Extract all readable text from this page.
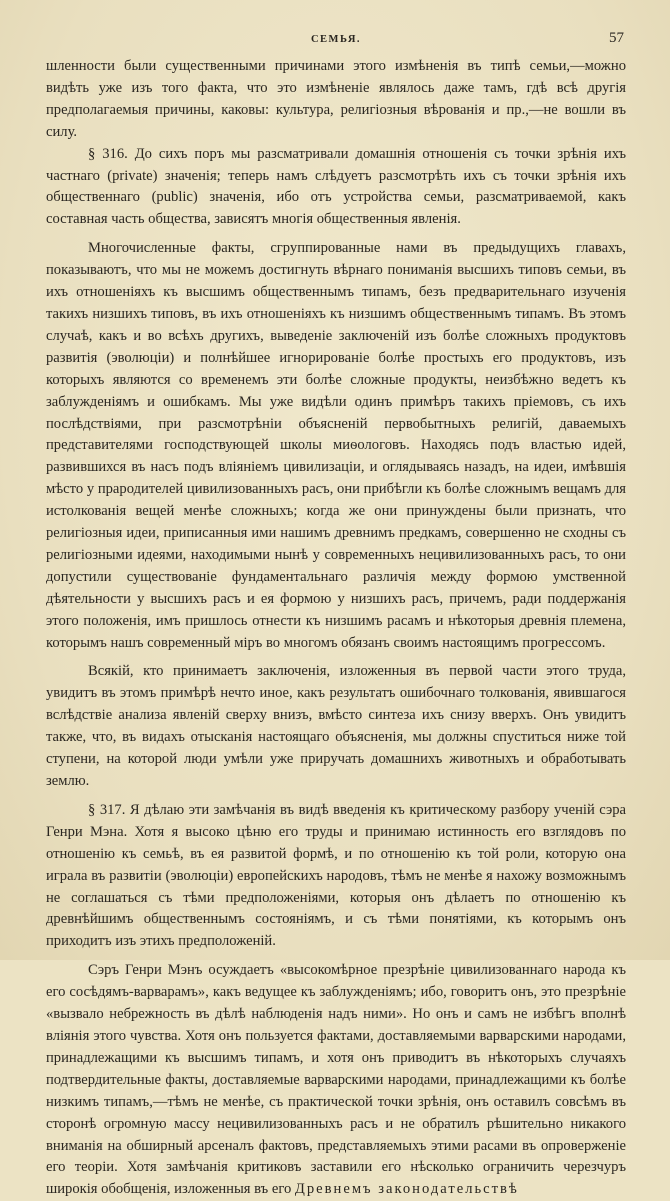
СЕМЬЯ.	57

шленности были существенными причинами этого измѣненія въ типѣ семьи,—можно видѣть уже изъ того факта, что это измѣненіе являлось даже тамъ, гдѣ всѣ другія предполагаемыя причины, каковы: культура, религіозныя вѣрованія и пр.,—не вошли въ силу.

§ 316. До сихъ поръ мы разсматривали домашнія отношенія съ точки зрѣнія ихъ частнаго (private) значенія; теперь намъ слѣдуетъ разсмотрѣть ихъ съ точки зрѣнія ихъ общественнаго (public) значенія, ибо отъ устройства семьи, разсматриваемой, какъ составная часть общества, зависятъ многія общественныя явленія.

Многочисленные факты, сгруппированные нами въ предыдущихъ главахъ, показываютъ, что мы не можемъ достигнуть вѣрнаго пониманія высшихъ типовъ семьи, въ ихъ отношеніяхъ къ высшимъ общественнымъ типамъ, безъ предварительнаго изученія такихъ низшихъ типовъ, въ ихъ отношеніяхъ къ низшимъ общественнымъ типамъ. Въ этомъ случаѣ, какъ и во всѣхъ другихъ, выведеніе заключеній изъ болѣе сложныхъ продуктовъ развитія (эволюціи) и полнѣйшее игнорированіе болѣе простыхъ его продуктовъ, изъ которыхъ являются со временемъ эти болѣе сложные продукты, неизбѣжно ведетъ къ заблужденіямъ и ошибкамъ. Мы уже видѣли одинъ примѣръ такихъ пріемовъ, съ ихъ послѣдствіями, при разсмотрѣніи объясненій первобытныхъ религій, даваемыхъ представителями господствующей школы миѳологовъ. Находясь подъ властью идей, развившихся въ насъ подъ вліяніемъ цивилизаціи, и оглядываясь назадъ, на идеи, имѣвшія мѣсто у прародителей цивилизованныхъ расъ, они прибѣгли къ болѣе сложнымъ вещамъ для истолкованія вещей менѣе сложныхъ; когда же они принуждены были признать, что религіозныя идеи, приписанныя ими нашимъ древнимъ предкамъ, совершенно не сходны съ религіозными идеями, находимыми нынѣ у современныхъ нецивилизованныхъ расъ, то они допустили существованіе фундаментальнаго различія между формою умственной дѣятельности у высшихъ расъ и ея формою у низшихъ расъ, причемъ, ради поддержанія этого положенія, имъ пришлось отнести къ низшимъ расамъ и нѣкоторыя древнія племена, которымъ нашъ современный міръ во многомъ обязанъ своимъ настоящимъ прогрессомъ.

Всякій, кто принимаетъ заключенія, изложенныя въ первой части этого труда, увидитъ въ этомъ примѣрѣ нечто иное, какъ результатъ ошибочнаго толкованія, явившагося вслѣдствіе анализа явленій сверху внизъ, вмѣсто синтеза ихъ снизу вверхъ. Онъ увидитъ также, что, въ видахъ отысканія настоящаго объясненія, мы должны спуститься ниже той ступени, на которой люди умѣли уже приручать домашнихъ животныхъ и обработывать землю.

§ 317. Я дѣлаю эти замѣчанія въ видѣ введенія къ критическому разбору ученій сэра Генри Мэна. Хотя я высоко цѣню его труды и принимаю истинность его взглядовъ по отношенію къ семьѣ, въ ея развитой формѣ, и по отношенію къ той роли, которую она играла въ развитіи (эволюціи) европейскихъ народовъ, тѣмъ не менѣе я нахожу возможнымъ не соглашаться съ тѣми предположеніями, которыя онъ дѣлаетъ по отношенію къ древнѣйшимъ общественнымъ состояніямъ, и съ тѣми понятіями, къ которымъ онъ приходитъ изъ этихъ предположеній.

Сэръ Генри Мэнъ осуждаетъ «высокомѣрное презрѣніе цивилизованнаго народа къ его сосѣдямъ-варварамъ», какъ ведущее къ заблужденіямъ; ибо, говоритъ онъ, это презрѣніе «вызвало небрежность въ дѣлѣ наблюденія надъ ними». Но онъ и самъ не избѣгъ вполнѣ вліянія этого чувства. Хотя онъ пользуется фактами, доставляемыми варварскими народами, принадлежащими къ высшимъ типамъ, и хотя онъ приводитъ въ нѣкоторыхъ случаяхъ подтвердительные факты, доставляемые варварскими народами, принадлежащими къ болѣе низкимъ типамъ,—тѣмъ не менѣе, съ практической точки зрѣнія, онъ оставилъ совсѣмъ въ сторонѣ огромную массу нецивилизованныхъ расъ и не обратилъ рѣшительно никакого вниманія на обширный арсеналъ фактовъ, представляемыхъ этими расами въ опроверженіе его теоріи. Хотя замѣчанія критиковъ заставили его нѣсколько ограничить черезчуръ широкія обобщенія, изложенныя въ его Древнемъ законодательствѣ
